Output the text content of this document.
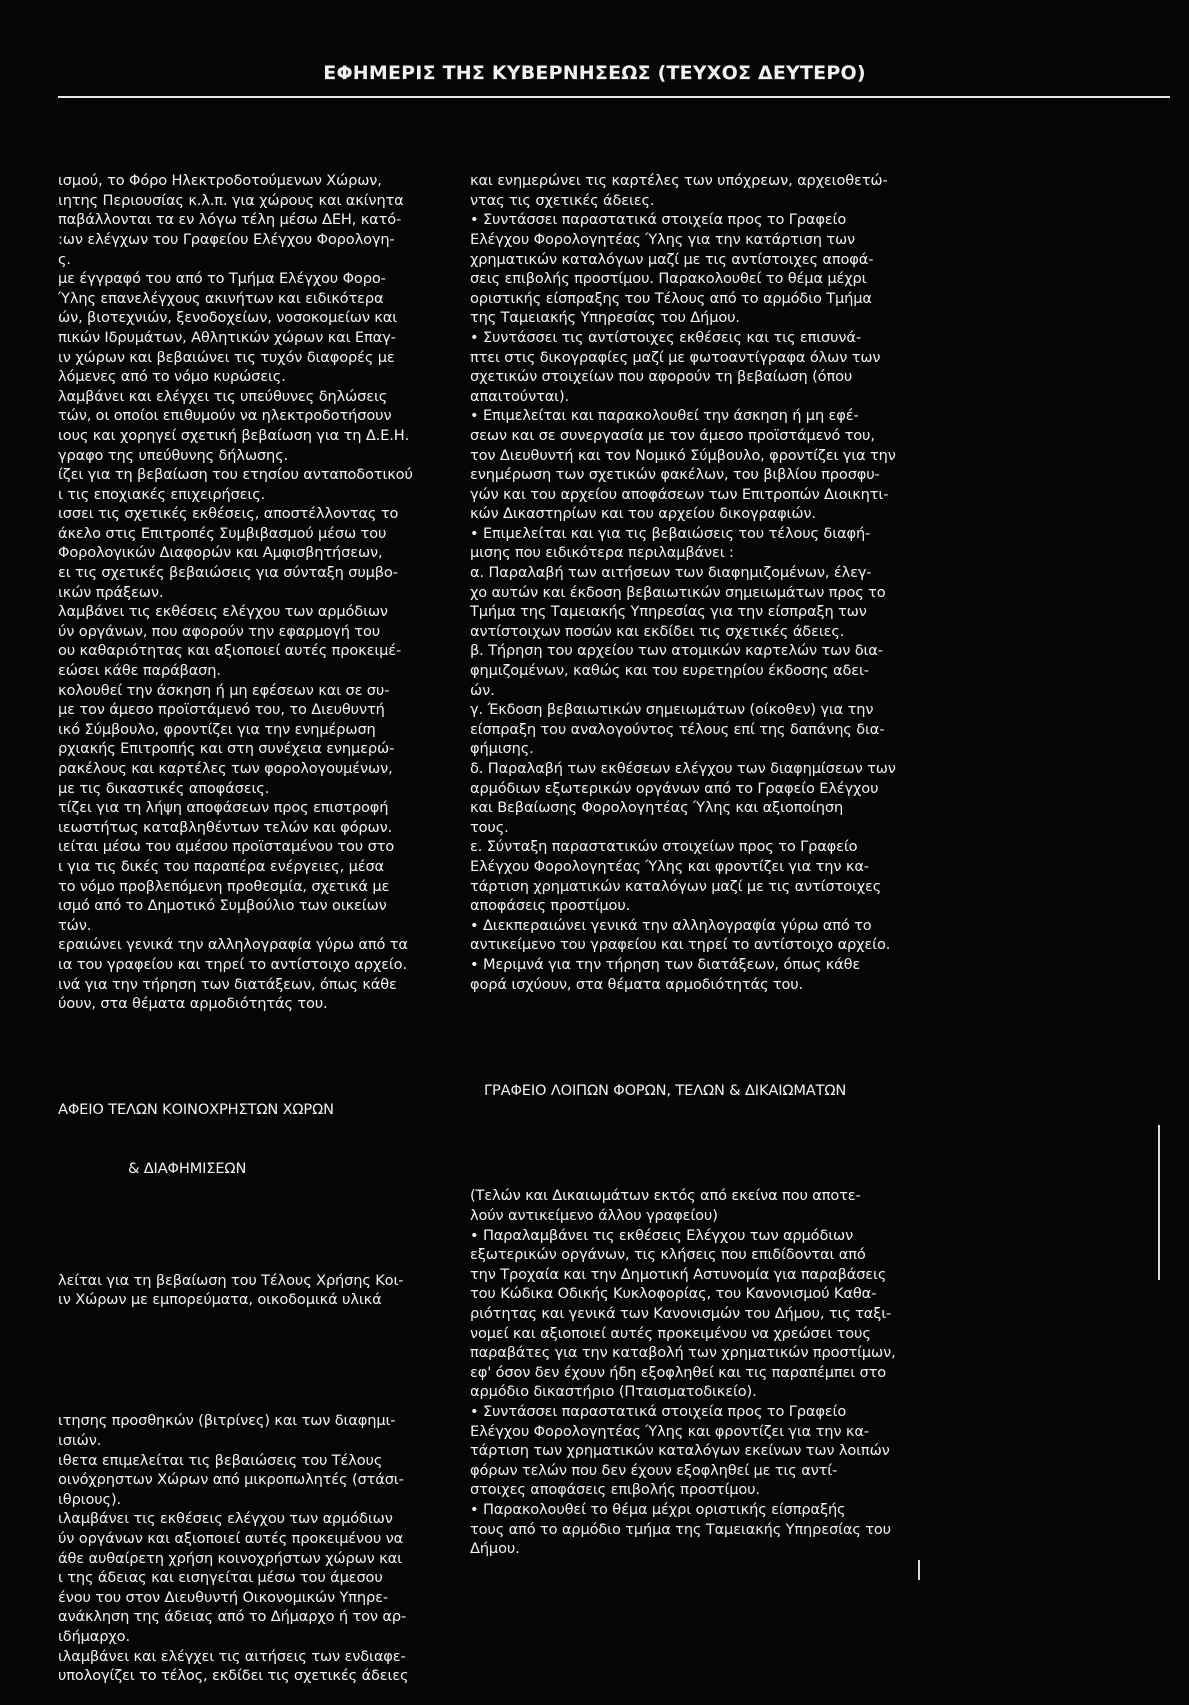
ΕΦΗΜΕΡΙΣ ΤΗΣ ΚΥΒΕΡΝΗΣΕΩΣ (ΤΕΥΧΟΣ ΔΕΥΤΕΡΟ)

ισμού, το Φόρο Ηλεκτροδοτούμενων Χώρων,
ιητης Περιουσίας κ.λ.π. για χώρους και ακίνητα
παβάλλονται τα εν λόγω τέλη μέσω ΔΕΗ, κατό-
:ων ελέγχων του Γραφείου Ελέγχου Φορολογη-
ς.
με έγγραφό του από το Τμήμα Ελέγχου Φορο-
Ύλης επανελέγχους ακινήτων και ειδικότερα
ών, βιοτεχνιών, ξενοδοχείων, νοσοκομείων και
πικών Ιδρυμάτων, Αθλητικών χώρων και Επαγ-
ιν χώρων και βεβαιώνει τις τυχόν διαφορές με
λόμενες από το νόμο κυρώσεις.
λαμβάνει και ελέγχει τις υπεύθυνες δηλώσεις
τών, οι οποίοι επιθυμούν να ηλεκτροδοτήσουν
ιους και χορηγεί σχετική βεβαίωση για τη Δ.Ε.Η.
γραφο της υπεύθυνης δήλωσης.
ίζει για τη βεβαίωση του ετησίου ανταποδοτικού
ι τις εποχιακές επιχειρήσεις.
ισσει τις σχετικές εκθέσεις, αποστέλλοντας το
άκελο στις Επιτροπές Συμβιβασμού μέσω του
Φορολογικών Διαφορών και Αμφισβητήσεων,
ει τις σχετικές βεβαιώσεις για σύνταξη συμβο-
ικών πράξεων.
λαμβάνει τις εκθέσεις ελέγχου των αρμόδιων
ύν οργάνων, που αφορούν την εφαρμογή του
ου καθαριότητας και αξιοποιεί αυτές προκειμέ-
εώσει κάθε παράβαση.
κολουθεί την άσκηση ή μη εφέσεων και σε συ-
με τον άμεσο προϊστάμενό του, το Διευθυντή
ικό Σύμβουλο, φροντίζει για την ενημέρωση
ρχιακής Επιτροπής και στη συνέχεια ενημερώ-
ρακέλους και καρτέλες των φορολογουμένων,
με τις δικαστικές αποφάσεις.
τίζει για τη λήψη αποφάσεων προς επιστροφή
ιεωστήτως καταβληθέντων τελών και φόρων.
ιείται μέσω του αμέσου προϊσταμένου του στο
ι για τις δικές του παραπέρα ενέργειες, μέσα
το νόμο προβλεπόμενη προθεσμία, σχετικά με
ισμό από το Δημοτικό Συμβούλιο των οικείων
τών.
εραιώνει γενικά την αλληλογραφία γύρω από τα
ια του γραφείου και τηρεί το αντίστοιχο αρχείο.
ινά για την τήρηση των διατάξεων, όπως κάθε
ύουν, στα θέματα αρμοδιότητάς του.

ΑΦΕΙΟ ΤΕΛΩΝ ΚΟΙΝΟΧΡΗΣΤΩΝ ΧΩΡΩΝ

& ΔΙΑΦΗΜΙΣΕΩΝ

λείται για τη βεβαίωση του Τέλους Χρήσης Κοι-
ιν Χώρων με εμπορεύματα, οικοδομικά υλικά

ιτησης προσθηκών (βιτρίνες) και των διαφημι-
ισιών.
ιθετα επιμελείται τις βεβαιώσεις του Τέλους
οινόχρηστων Χώρων από μικροπωλητές (στάσι-
ιθριους).
ιλαμβάνει τις εκθέσεις ελέγχου των αρμόδιων
ύν οργάνων και αξιοποιεί αυτές προκειμένου να
άθε αυθαίρετη χρήση κοινοχρήστων χώρων και
ι της άδειας και εισηγείται μέσω του άμεσου
ένου του στον Διευθυντή Οικονομικών Υπηρε-
ανάκληση της άδειας από το Δήμαρχο ή τον αρ-
ιδήμαρχο.
ιλαμβάνει και ελέγχει τις αιτήσεις των ενδιαφε-
υπολογίζει το τέλος, εκδίδει τις σχετικές άδειες

και ενημερώνει τις καρτέλες των υπόχρεων, αρχειοθετώ-
ντας τις σχετικές άδειες.
• Συντάσσει παραστατικά στοιχεία προς το Γραφείο
Ελέγχου Φορολογητέας Ύλης για την κατάρτιση των
χρηματικών καταλόγων μαζί με τις αντίστοιχες αποφά-
σεις επιβολής προστίμου. Παρακολουθεί το θέμα μέχρι
οριστικής είσπραξης του Τέλους από το αρμόδιο Τμήμα
της Ταμειακής Υπηρεσίας του Δήμου.
• Συντάσσει τις αντίστοιχες εκθέσεις και τις επισυνά-
πτει στις δικογραφίες μαζί με φωτοαντίγραφα όλων των
σχετικών στοιχείων που αφορούν τη βεβαίωση (όπου
απαιτούνται).
• Επιμελείται και παρακολουθεί την άσκηση ή μη εφέ-
σεων και σε συνεργασία με τον άμεσο προϊστάμενό του,
τον Διευθυντή και τον Νομικό Σύμβουλο, φροντίζει για την
ενημέρωση των σχετικών φακέλων, του βιβλίου προσφυ-
γών και του αρχείου αποφάσεων των Επιτροπών Διοικητι-
κών Δικαστηρίων και του αρχείου δικογραφιών.
• Επιμελείται και για τις βεβαιώσεις του τέλους διαφή-
μισης που ειδικότερα περιλαμβάνει :
α. Παραλαβή των αιτήσεων των διαφημιζομένων, έλεγ-
χο αυτών και έκδοση βεβαιωτικών σημειωμάτων προς το
Τμήμα της Ταμειακής Υπηρεσίας για την είσπραξη των
αντίστοιχων ποσών και εκδίδει τις σχετικές άδειες.
β. Τήρηση του αρχείου των ατομικών καρτελών των δια-
φημιζομένων, καθώς και του ευρετηρίου έκδοσης αδει-
ών.
γ. Έκδοση βεβαιωτικών σημειωμάτων (οίκοθεν) για την
είσπραξη του αναλογούντος τέλους επί της δαπάνης δια-
φήμισης.
δ. Παραλαβή των εκθέσεων ελέγχου των διαφημίσεων των
αρμόδιων εξωτερικών οργάνων από το Γραφείο Ελέγχου
και Βεβαίωσης Φορολογητέας Ύλης και αξιοποίηση
τους.
ε. Σύνταξη παραστατικών στοιχείων προς το Γραφείο
Ελέγχου Φορολογητέας Ύλης και φροντίζει για την κα-
τάρτιση χρηματικών καταλόγων μαζί με τις αντίστοιχες
αποφάσεις προστίμου.
• Διεκπεραιώνει γενικά την αλληλογραφία γύρω από το
αντικείμενο του γραφείου και τηρεί το αντίστοιχο αρχείο.
• Μεριμνά για την τήρηση των διατάξεων, όπως κάθε
φορά ισχύουν, στα θέματα αρμοδιότητάς του.

ΓΡΑΦΕΙΟ ΛΟΙΠΩΝ ΦΟΡΩΝ, ΤΕΛΩΝ & ΔΙΚΑΙΩΜΑΤΩΝ

(Τελών και Δικαιωμάτων εκτός από εκείνα που αποτε-
λούν αντικείμενο άλλου γραφείου)
• Παραλαμβάνει τις εκθέσεις Ελέγχου των αρμόδιων
εξωτερικών οργάνων, τις κλήσεις που επιδίδονται από
την Τροχαία και την Δημοτική Αστυνομία για παραβάσεις
του Κώδικα Οδικής Κυκλοφορίας, του Κανονισμού Καθα-
ριότητας και γενικά των Κανονισμών του Δήμου, τις ταξι-
νομεί και αξιοποιεί αυτές προκειμένου να χρεώσει τους
παραβάτες για την καταβολή των χρηματικών προστίμων,
εφ' όσον δεν έχουν ήδη εξοφληθεί και τις παραπέμπει στο
αρμόδιο δικαστήριο (Πταισματοδικείο).
• Συντάσσει παραστατικά στοιχεία προς το Γραφείο
Ελέγχου Φορολογητέας Ύλης και φροντίζει για την κα-
τάρτιση των χρηματικών καταλόγων εκείνων των λοιπών
φόρων τελών που δεν έχουν εξοφληθεί με τις αντί-
στοιχες αποφάσεις επιβολής προστίμου.
• Παρακολουθεί το θέμα μέχρι οριστικής είσπραξής
τους από το αρμόδιο τμήμα της Ταμειακής Υπηρεσίας του
Δήμου.
